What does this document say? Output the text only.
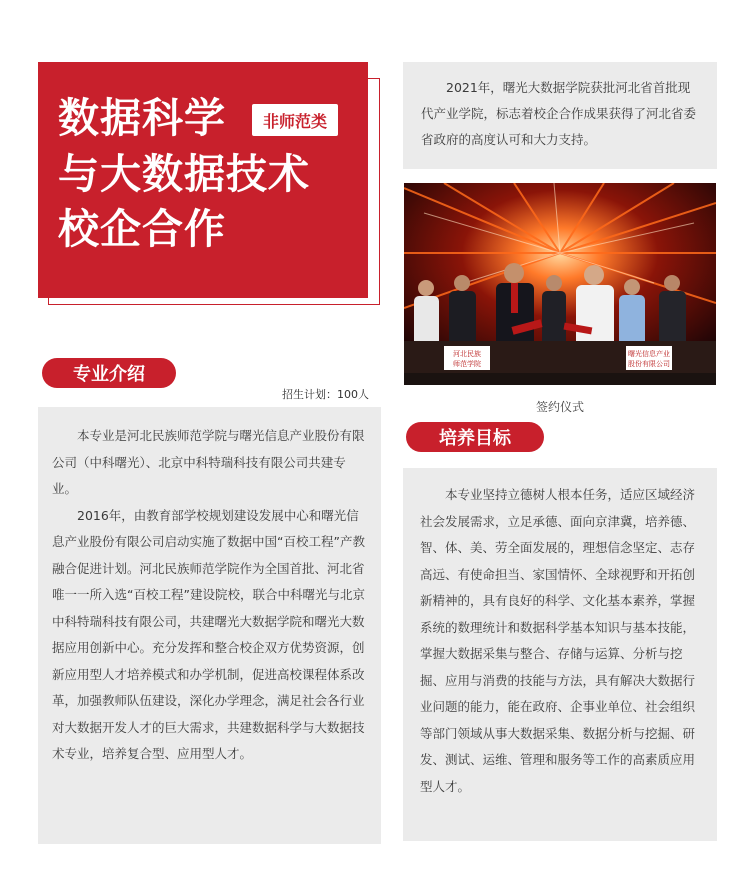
数据科学	非师范类
与大数据技术
校企合作

2021年，曙光大数据学院获批河北省首批现代产业学院，标志着校企合作成果获得了河北省委省政府的高度认可和大力支持。

河北民族
师范学院
曙光信息产业
股份有限公司
签约仪式
专业介绍
招生计划：100人
培养目标

本专业是河北民族师范学院与曙光信息产业股份有限公司（中科曙光）、北京中科特瑞科技有限公司共建专业。

2016年，由教育部学校规划建设发展中心和曙光信息产业股份有限公司启动实施了数据中国“百校工程”产教融合促进计划。河北民族师范学院作为全国首批、河北省唯一一所入选“百校工程”建设院校，联合中科曙光与北京中科特瑞科技有限公司，共建曙光大数据学院和曙光大数据应用创新中心。充分发挥和整合校企双方优势资源，创新应用型人才培养模式和办学机制，促进高校课程体系改革，加强教师队伍建设，深化办学理念，满足社会各行业对大数据开发人才的巨大需求，共建数据科学与大数据技术专业，培养复合型、应用型人才。

本专业坚持立德树人根本任务，适应区域经济社会发展需求，立足承德、面向京津冀，培养德、智、体、美、劳全面发展的，理想信念坚定、志存高远、有使命担当、家国情怀、全球视野和开拓创新精神的，具有良好的科学、文化基本素养，掌握系统的数理统计和数据科学基本知识与基本技能，掌握大数据采集与整合、存储与运算、分析与挖掘、应用与消费的技能与方法，具有解决大数据行业问题的能力，能在政府、企事业单位、社会组织等部门领域从事大数据采集、数据分析与挖掘、研发、测试、运维、管理和服务等工作的高素质应用型人才。
